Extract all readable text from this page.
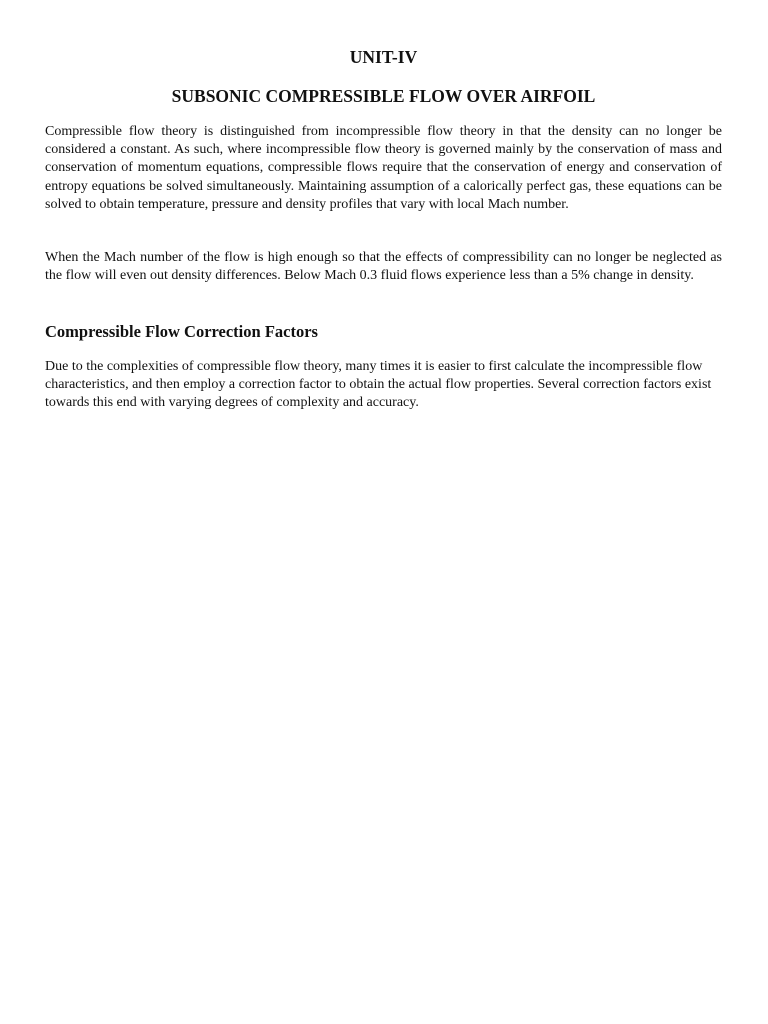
UNIT-IV
SUBSONIC COMPRESSIBLE FLOW OVER AIRFOIL

Compressible flow theory is distinguished from incompressible flow theory in that the density can no longer be considered a constant. As such, where incompressible flow theory is governed mainly by the conservation of mass and conservation of momentum equations, compressible flows require that the conservation of energy and conservation of entropy equations be solved simultaneously. Maintaining assumption of a calorically perfect gas, these equations can be solved to obtain temperature, pressure and density profiles that vary with local Mach number.

When the Mach number of the flow is high enough so that the effects of compressibility can no longer be neglected as the flow will even out density differences. Below Mach 0.3 fluid flows experience less than a 5% change in density.

Compressible Flow Correction Factors

Due to the complexities of compressible flow theory, many times it is easier to first calculate the incompressible flow characteristics, and then employ a correction factor to obtain the actual flow properties. Several correction factors exist towards this end with varying degrees of complexity and accuracy.
